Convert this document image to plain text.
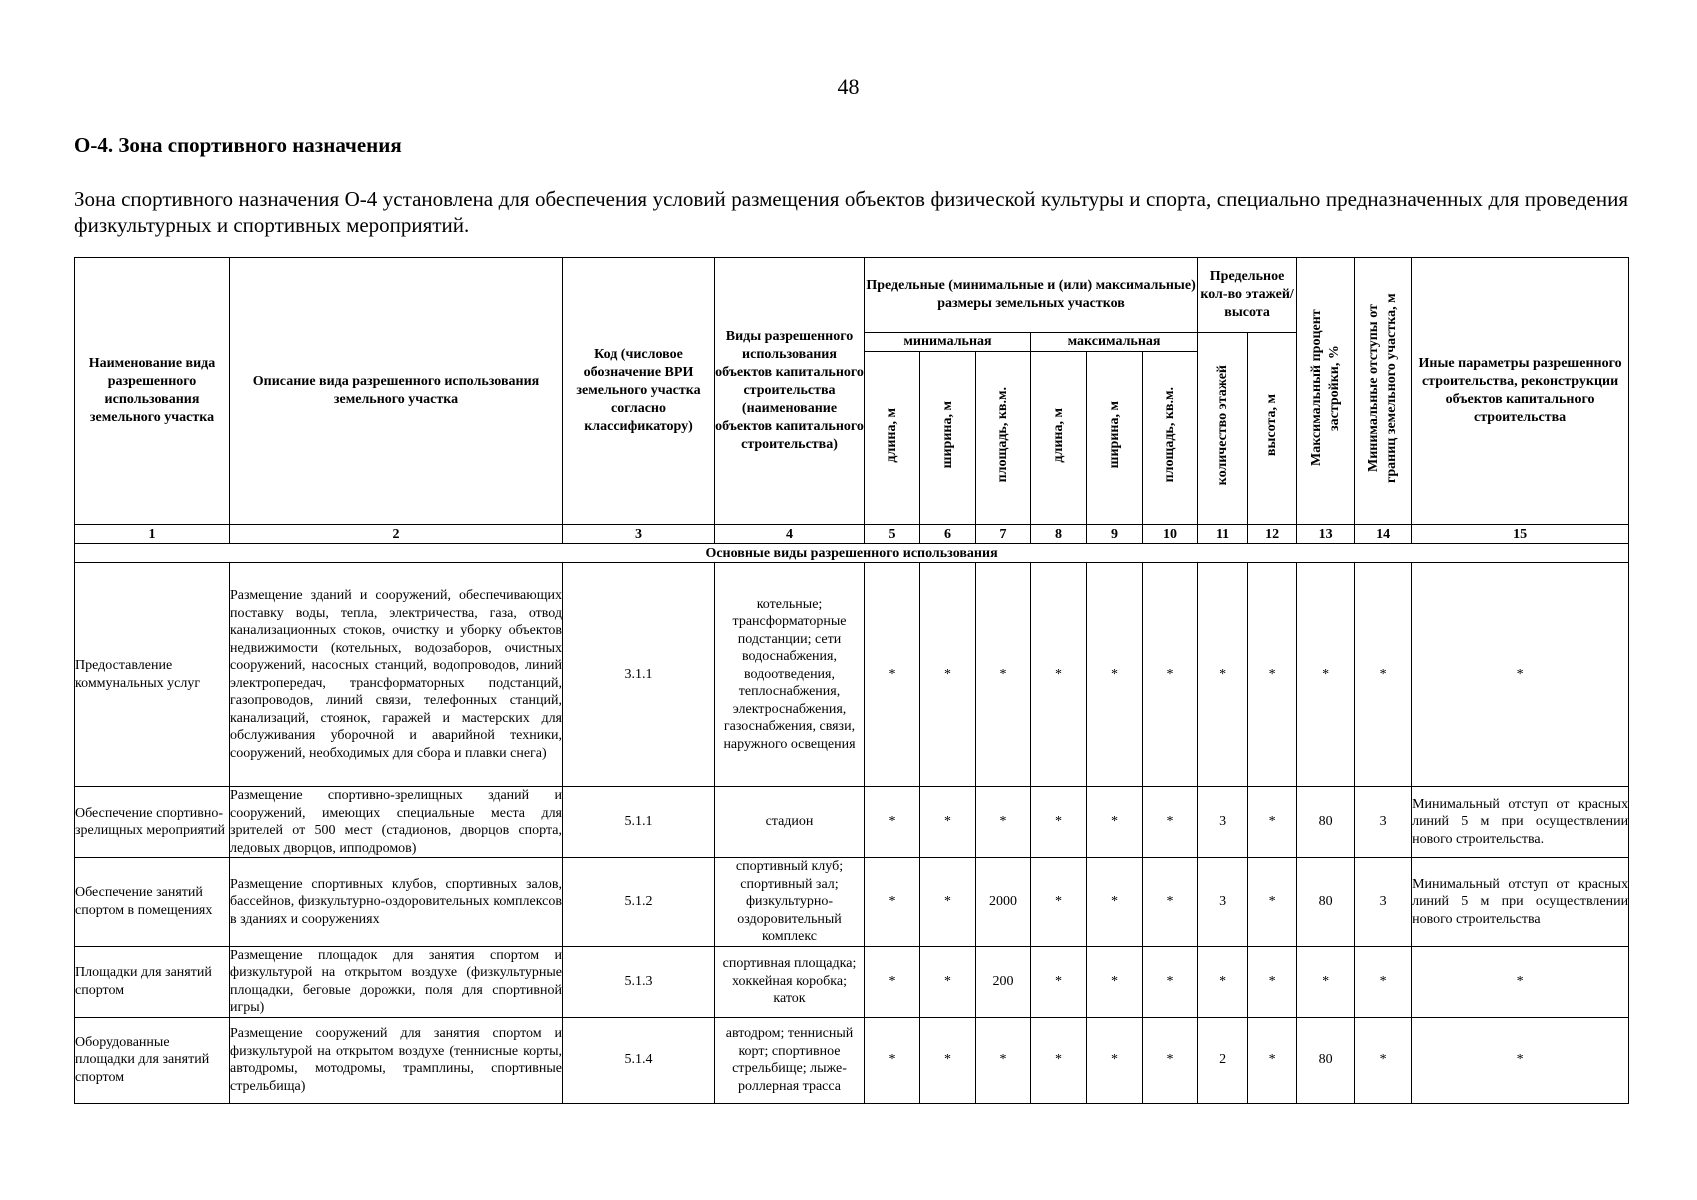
48
О-4. Зона спортивного назначения

Зона спортивного назначения О-4 установлена для обеспечения условий размещения объектов физической культуры и спорта, специально предназначенных для проведения физкультурных и спортивных мероприятий.

Наименование вида разрешенного использования земельного участка	Описание вида разрешенного использования земельного участка	Код (числовое обозначение ВРИ земельного участка согласно классификатору)	Виды разрешенного использования объектов капитального строительства (наименование объектов капитального строительства)	Предельные (минимальные и (или) максимальные) размеры земельных участков						Предельное кол-во этажей/ высота		Максимальный процент застройки, %	Минимальные отступы от границ земельного участка, м	Иные параметры разрешенного строительства, реконструкции объектов капитального строительства
				минимальная			максимальная			количество этажей	высота, м			
				длина, м	ширина, м	площадь, кв.м.	длина, м	ширина, м	площадь, кв.м.					
1	2	3	4	5	6	7	8	9	10	11	12	13	14	15
Основные виды разрешенного использования														
Предоставление коммунальных услуг	Размещение зданий и сооружений, обеспечивающих поставку воды, тепла, электричества, газа, отвод канализационных стоков, очистку и уборку объектов недвижимости (котельных, водозаборов, очистных сооружений, насосных станций, водопроводов, линий электропередач, трансформаторных подстанций, газопроводов, линий связи, телефонных станций, канализаций, стоянок, гаражей и мастерских для обслуживания уборочной и аварийной техники, сооружений, необходимых для сбора и плавки снега)	3.1.1	котельные; трансформаторные подстанции; сети водоснабжения, водоотведения, теплоснабжения, электроснабжения, газоснабжения, связи, наружного освещения	*	*	*	*	*	*	*	*	*	*	*
Обеспечение спортивно-зрелищных мероприятий	Размещение спортивно-зрелищных зданий и сооружений, имеющих специальные места для зрителей от 500 мест (стадионов, дворцов спорта, ледовых дворцов, ипподромов)	5.1.1	стадион	*	*	*	*	*	*	3	*	80	3	Минимальный отступ от красных линий 5 м при осуществлении нового строительства.
Обеспечение занятий спортом в помещениях	Размещение спортивных клубов, спортивных залов, бассейнов, физкультурно-оздоровительных комплексов в зданиях и сооружениях	5.1.2	спортивный клуб; спортивный зал; физкультурно-оздоровительный комплекс	*	*	2000	*	*	*	3	*	80	3	Минимальный отступ от красных линий 5 м при осуществлении нового строительства
Площадки для занятий спортом	Размещение площадок для занятия спортом и физкультурой на открытом воздухе (физкультурные площадки, беговые дорожки, поля для спортивной игры)	5.1.3	спортивная площадка; хоккейная коробка; каток	*	*	200	*	*	*	*	*	*	*	*
Оборудованные площадки для занятий спортом	Размещение сооружений для занятия спортом и физкультурой на открытом воздухе (теннисные корты, автодромы, мотодромы, трамплины, спортивные стрельбища)	5.1.4	автодром; теннисный корт; спортивное стрельбище; лыже-роллерная трасса	*	*	*	*	*	*	2	*	80	*	*
